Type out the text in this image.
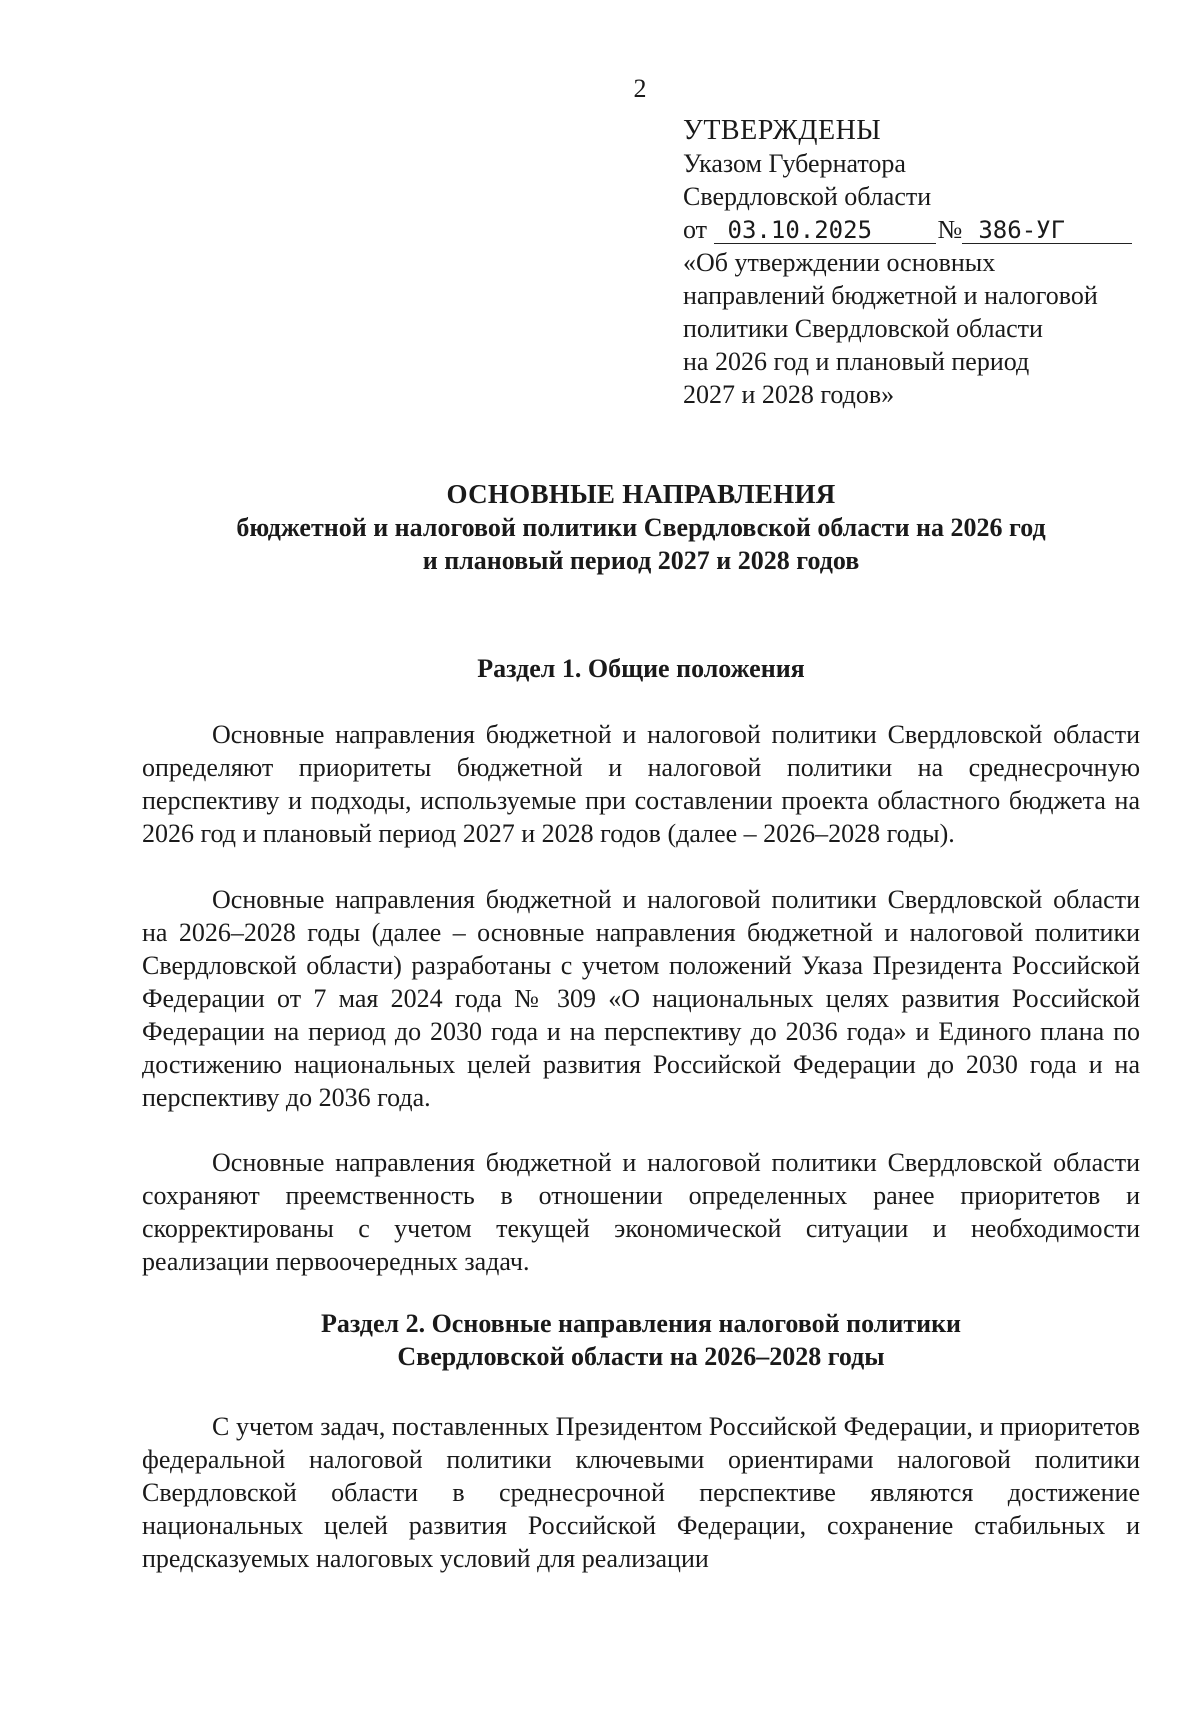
2
УТВЕРЖДЕНЫ
Указом Губернатора
Свердловской области
от 03.10.2025	№ 386-УГ
«Об утверждении основных
направлений бюджетной и налоговой
политики Свердловской области
на 2026 год и плановый период
2027 и 2028 годов»
ОСНОВНЫЕ НАПРАВЛЕНИЯ
бюджетной и налоговой политики Свердловской области на 2026 год
и плановый период 2027 и 2028 годов
Раздел 1. Общие положения

Основные направления бюджетной и налоговой политики Свердловской области определяют приоритеты бюджетной и налоговой политики на среднесрочную перспективу и подходы, используемые при составлении проекта областного бюджета на 2026 год и плановый период 2027 и 2028 годов (далее – 2026–2028 годы).

Основные направления бюджетной и налоговой политики Свердловской области на 2026–2028 годы (далее – основные направления бюджетной и налоговой политики Свердловской области) разработаны с учетом положений Указа Президента Российской Федерации от 7 мая 2024 года № 309 «О национальных целях развития Российской Федерации на период до 2030 года и на перспективу до 2036 года» и Единого плана по достижению национальных целей развития Российской Федерации до 2030 года и на перспективу до 2036 года.

Основные направления бюджетной и налоговой политики Свердловской области сохраняют преемственность в отношении определенных ранее приоритетов и скорректированы с учетом текущей экономической ситуации и необходимости реализации первоочередных задач.

Раздел 2. Основные направления налоговой политики
Свердловской области на 2026–2028 годы

С учетом задач, поставленных Президентом Российской Федерации, и приоритетов федеральной налоговой политики ключевыми ориентирами налоговой политики Свердловской области в среднесрочной перспективе являются достижение национальных целей развития Российской Федерации, сохранение стабильных и предсказуемых налоговых условий для реализации
